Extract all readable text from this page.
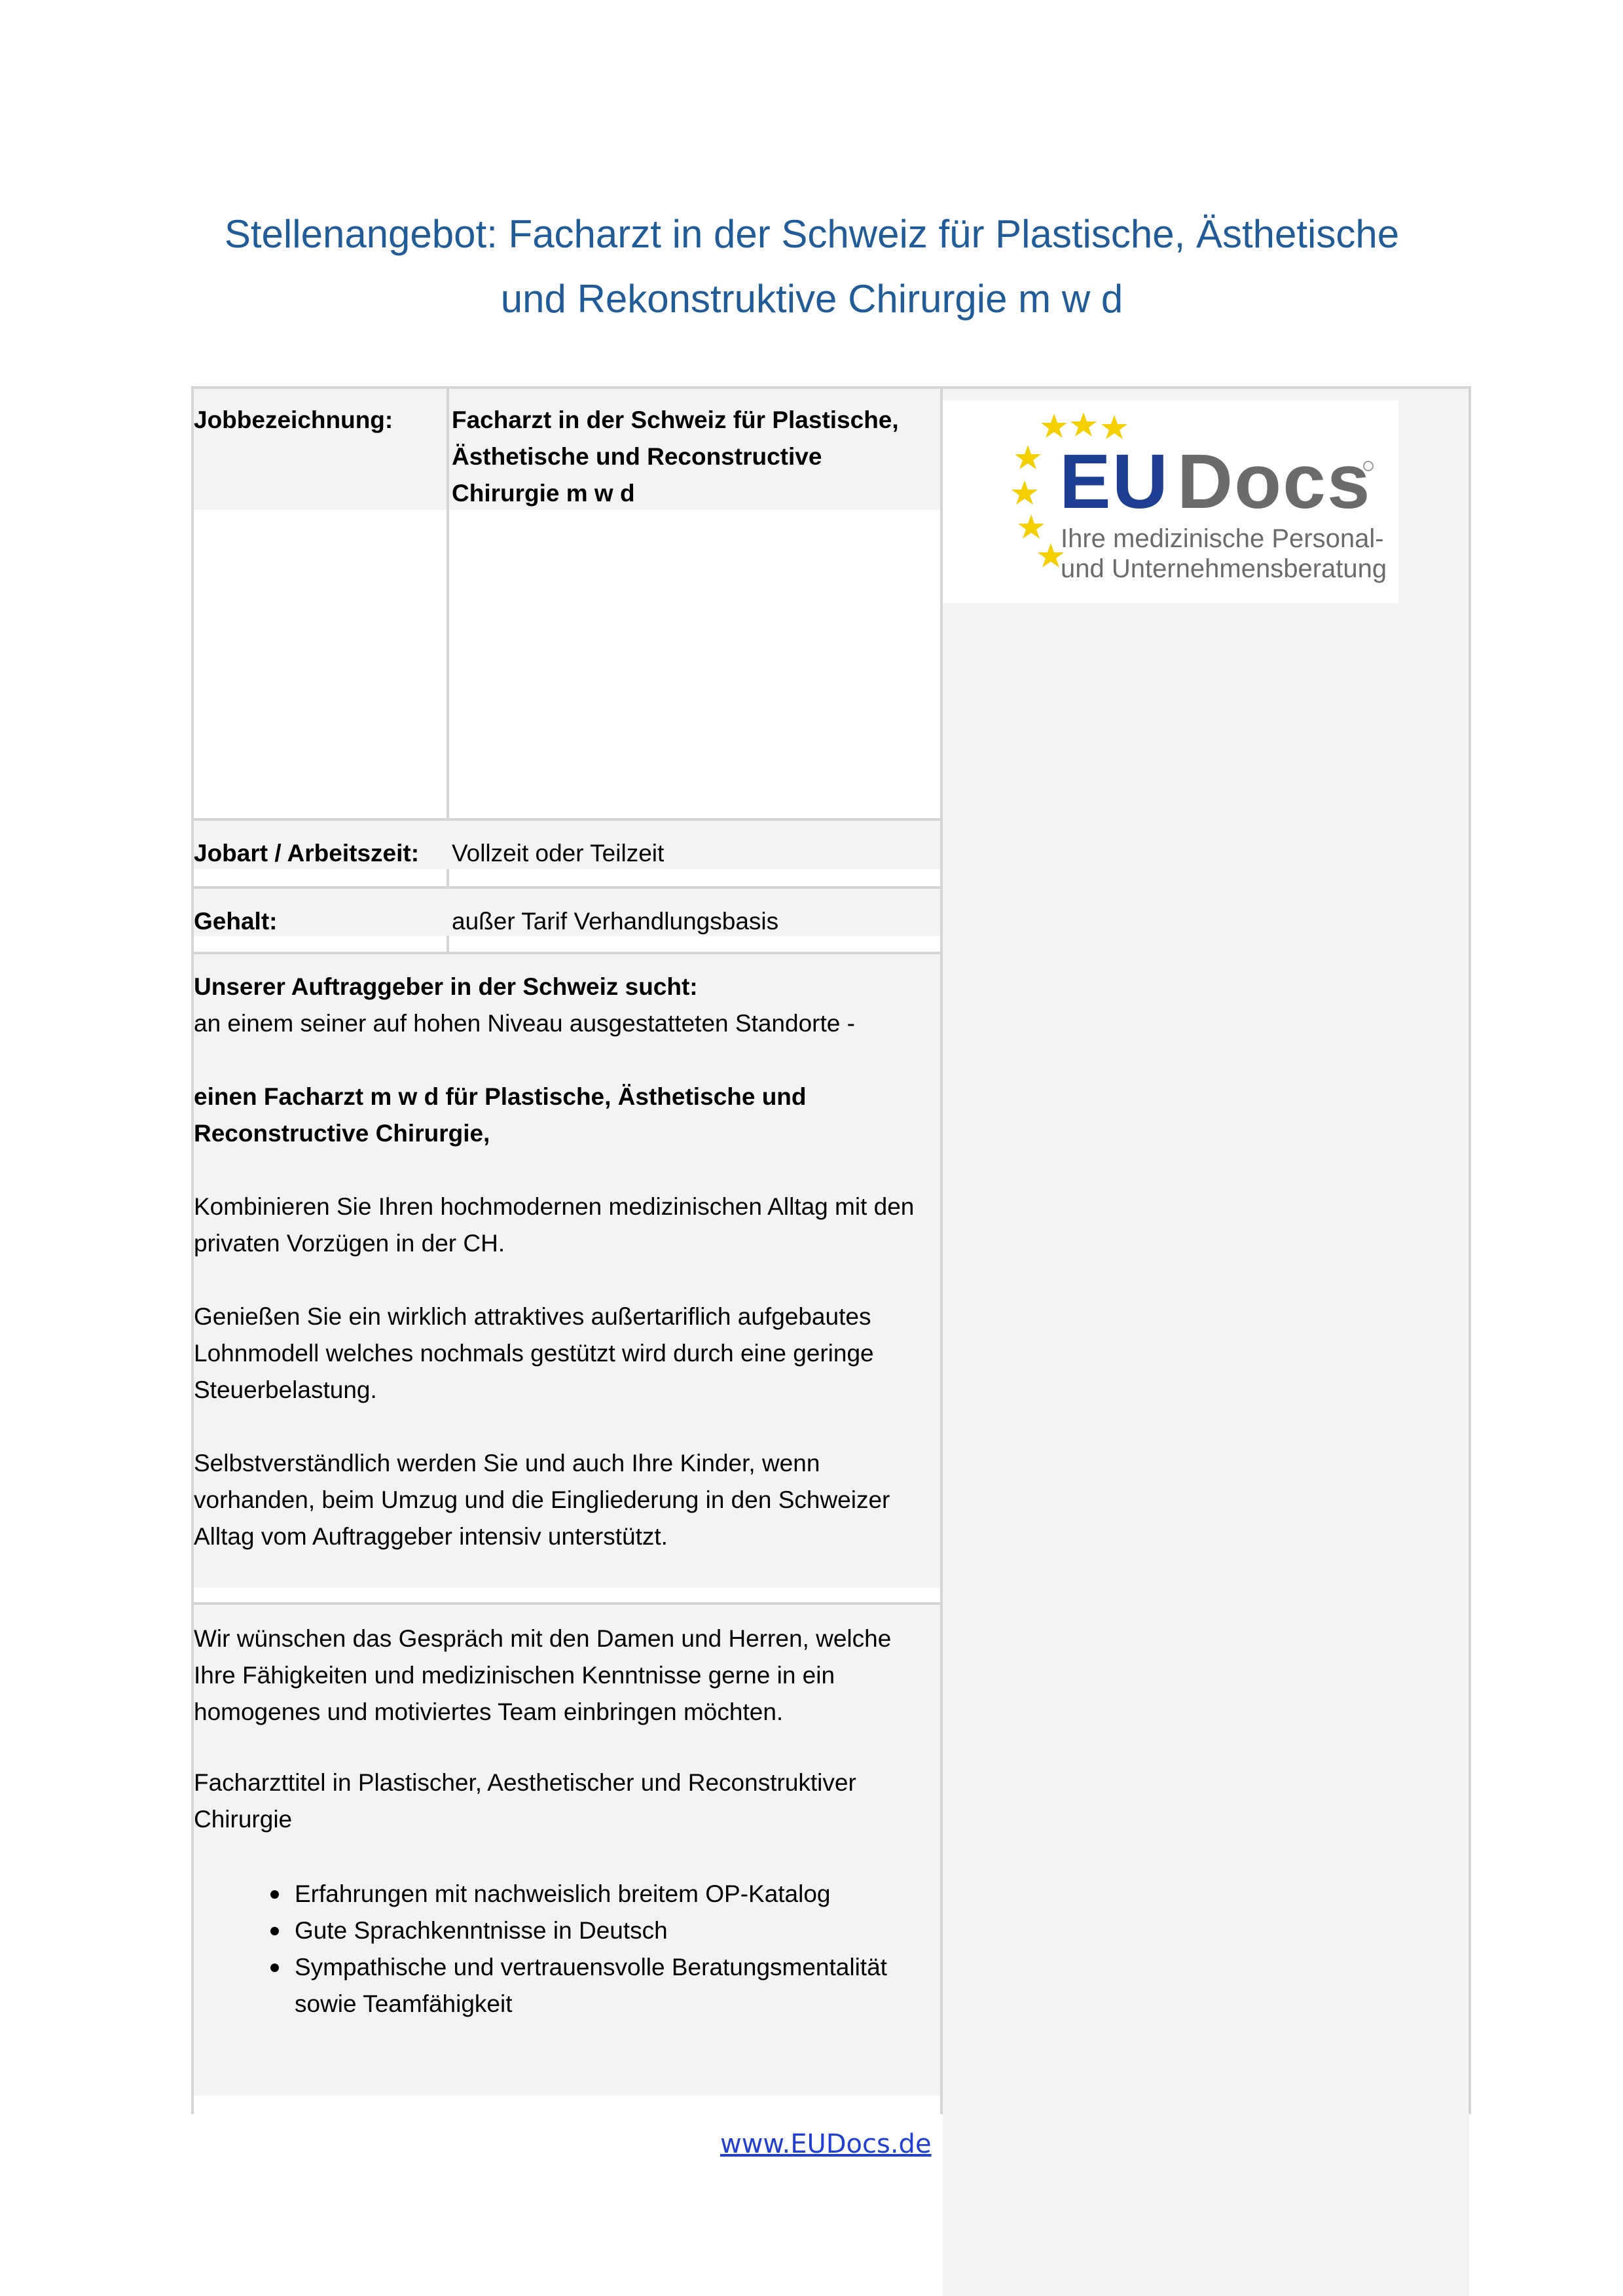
Stellenangebot: Facharzt in der Schweiz für Plastische, Ästhetische
und Rekonstruktive Chirurgie m w d
EU Docs
Ihre medizinische Personal-
und Unternehmensberatung
Jobbezeichnung:	Facharzt in der Schweiz für Plastische,
Ästhetische und Reconstructive
Chirurgie m w d
Jobart / Arbeitszeit:	Vollzeit oder Teilzeit
Gehalt:	außer Tarif Verhandlungsbasis
Unserer Auftraggeber in der Schweiz sucht:
an einem seiner auf hohen Niveau ausgestatteten Standorte -
einen Facharzt m w d für Plastische, Ästhetische und
Reconstructive Chirurgie,
Kombinieren Sie Ihren hochmodernen medizinischen Alltag mit den
privaten Vorzügen in der CH.
Genießen Sie ein wirklich attraktives außertariflich aufgebautes
Lohnmodell welches nochmals gestützt wird durch eine geringe
Steuerbelastung.
Selbstverständlich werden Sie und auch Ihre Kinder, wenn
vorhanden, beim Umzug und die Eingliederung in den Schweizer
Alltag vom Auftraggeber intensiv unterstützt.
Wir wünschen das Gespräch mit den Damen und Herren, welche
Ihre Fähigkeiten und medizinischen Kenntnisse gerne in ein
homogenes und motiviertes Team einbringen möchten.
Facharzttitel in Plastischer, Aesthetischer und Reconstruktiver
Chirurgie
Erfahrungen mit nachweislich breitem OP-Katalog
Gute Sprachkenntnisse in Deutsch
Sympathische und vertrauensvolle Beratungsmentalität
sowie Teamfähigkeit
www.EUDocs.de
